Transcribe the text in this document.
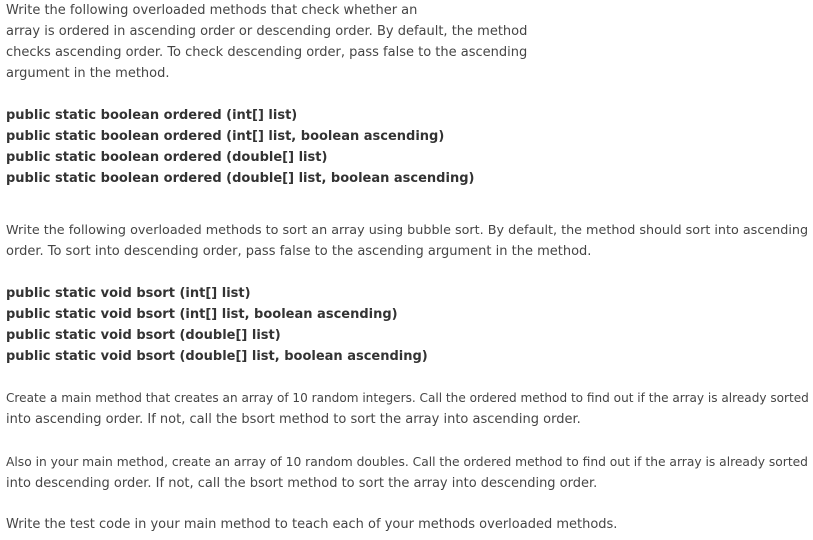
Write the following overloaded methods that check whether an
array is ordered in ascending order or descending order. By default, the method
checks ascending order. To check descending order, pass false to the ascending
argument in the method.
public static boolean ordered (int[] list)
public static boolean ordered (int[] list, boolean ascending)
public static boolean ordered (double[] list)
public static boolean ordered (double[] list, boolean ascending)
Write the following overloaded methods to sort an array using bubble sort. By default, the method should sort into ascending
order. To sort into descending order, pass false to the ascending argument in the method.
public static void bsort (int[] list)
public static void bsort (int[] list, boolean ascending)
public static void bsort (double[] list)
public static void bsort (double[] list, boolean ascending)
Create a main method that creates an array of 10 random integers. Call the ordered method to find out if the array is already sorted
into ascending order. If not, call the bsort method to sort the array into ascending order.
Also in your main method, create an array of 10 random doubles. Call the ordered method to find out if the array is already sorted
into descending order. If not, call the bsort method to sort the array into descending order.
Write the test code in your main method to teach each of your methods overloaded methods.
